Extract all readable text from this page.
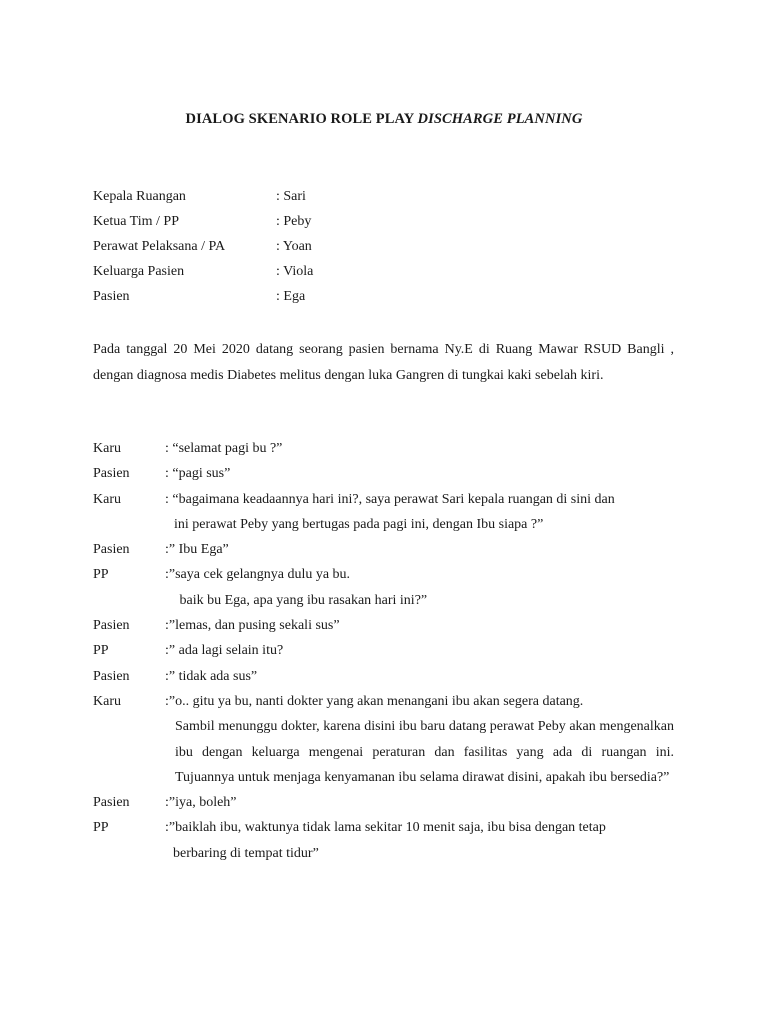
DIALOG SKENARIO ROLE PLAY DISCHARGE PLANNING
Kepala Ruangan	: Sari
Ketua Tim / PP	: Peby
Perawat Pelaksana / PA	: Yoan
Keluarga Pasien	: Viola
Pasien	: Ega

Pada tanggal 20 Mei 2020 datang seorang pasien bernama Ny.E di Ruang Mawar RSUD Bangli , dengan diagnosa medis Diabetes melitus dengan luka Gangren di tungkai kaki sebelah kiri.

Karu	: “selamat pagi bu ?”
Pasien	: “pagi sus”
Karu	: “bagaimana keadaannya hari ini?, saya perawat Sari kepala ruangan di sini dan
ini perawat Peby yang bertugas pada pagi ini, dengan Ibu siapa ?”
Pasien	:” Ibu Ega”
PP	:”saya cek gelangnya dulu ya bu.
baik bu Ega, apa yang ibu rasakan hari ini?”
Pasien	:”lemas, dan pusing sekali sus”
PP	:” ada lagi selain itu?
Pasien	:” tidak ada sus”
Karu	:”o.. gitu ya bu, nanti dokter yang akan menangani ibu akan segera datang.
Sambil menunggu dokter, karena disini ibu baru datang perawat Peby akan mengenalkan ibu dengan keluarga mengenai peraturan dan fasilitas yang ada di ruangan ini. Tujuannya untuk menjaga kenyamanan ibu selama dirawat disini, apakah ibu bersedia?”
Pasien	:”iya, boleh”
PP	:”baiklah ibu, waktunya tidak lama sekitar 10 menit saja, ibu bisa dengan tetap
berbaring di tempat tidur”
